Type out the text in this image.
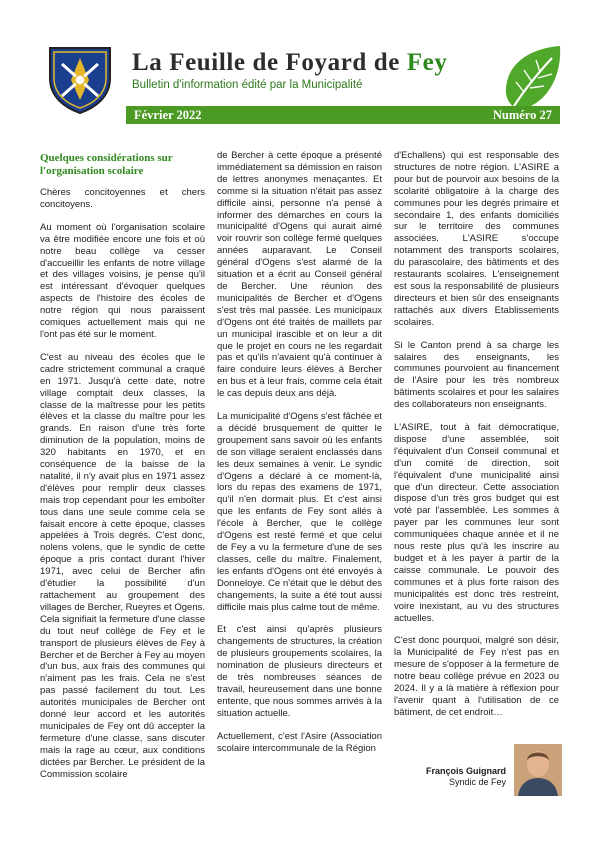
La Feuille de Foyard de Fey
Bulletin d'information édité par la Municipalité
Février 2022	Numéro 27
Quelques considérations sur l'organisation scolaire

Chères concitoyennes et chers concitoyens.

Au moment où l'organisation scolaire va être modifiée encore une fois et où notre beau collège va cesser d'accueillir les enfants de notre village et des villages voisins, je pense qu'il est intéressant d'évoquer quelques aspects de l'histoire des écoles de notre région qui nous paraissent comiques actuellement mais qui ne l'ont pas été sur le moment.

C'est au niveau des écoles que le cadre strictement communal a craqué en 1971. Jusqu'à cette date, notre village comptait deux classes, la classe de la maîtresse pour les petits élèves et la classe du maître pour les grands. En raison d'une très forte diminution de la population, moins de 320 habitants en 1970, et en conséquence de la baisse de la natalité, il n'y avait plus en 1971 assez d'élèves pour remplir deux classes mais trop cependant pour les emboîter tous dans une seule comme cela se faisait encore à cette époque, classes appelées à Trois degrés. C'est donc, nolens volens, que le syndic de cette époque a pris contact durant l'hiver 1971, avec celui de Bercher afin d'étudier la possibilité d'un rattachement au groupement des villages de Bercher, Rueyres et Ogens. Cela signifiait la fermeture d'une classe du tout neuf collège de Fey et le transport de plusieurs élèves de Fey à Bercher et de Bercher à Fey au moyen d'un bus, aux frais des communes qui n'aiment pas les frais. Cela ne s'est pas passé facilement du tout. Les autorités municipales de Bercher ont donné leur accord et les autorités municipales de Fey ont dû accepter la fermeture d'une classe, sans discuter mais la rage au cœur, aux conditions dictées par Bercher. Le président de la Commission scolaire

de Bercher à cette époque a présenté immédiatement sa démission en raison de lettres anonymes menaçantes. Et comme si la situation n'était pas assez difficile ainsi, personne n'a pensé à informer des démarches en cours la municipalité d'Ogens qui aurait aimé voir rouvrir son collège fermé quelques années auparavant. Le Conseil général d'Ogens s'est alarmé de la situation et a écrit au Conseil général de Bercher. Une réunion des municipalités de Bercher et d'Ogens s'est très mal passée. Les municipaux d'Ogens ont été traités de maillets par un municipal irascible et on leur a dit que le projet en cours ne les regardait pas et qu'ils n'avaient qu'à continuer à faire conduire leurs élèves à Bercher en bus et à leur frais, comme cela était le cas depuis deux ans déjà.

La municipalité d'Ogens s'est fâchée et a décidé brusquement de quitter le groupement sans savoir où les enfants de son village seraient enclassés dans les deux semaines à venir. Le syndic d'Ogens a déclaré à ce moment-là, lors du repas des examens de 1971, qu'il n'en dormait plus. Et c'est ainsi que les enfants de Fey sont allés à l'école à Bercher, que le collège d'Ogens est resté fermé et que celui de Fey a vu la fermeture d'une de ses classes, celle du maître. Finalement, les enfants d'Ogens ont été envoyés à Donneloye. Ce n'était que le début des changements, la suite a été tout aussi difficile mais plus calme tout de même.

Et c'est ainsi qu'après plusieurs changements de structures, la création de plusieurs groupements scolaires, la nomination de plusieurs directeurs et de très nombreuses séances de travail, heureusement dans une bonne entente, que nous sommes arrivés à la situation actuelle.

Actuellement, c'est l'Asire (Association scolaire intercommunale de la Région

d'Echallens) qui est responsable des structures de notre région. L'ASIRE a pour but de pourvoir aux besoins de la scolarité obligatoire à la charge des communes pour les degrés primaire et secondaire 1, des enfants domiciliés sur le territoire des communes associées. L'ASIRE s'occupe notamment des transports scolaires, du parascolaire, des bâtiments et des restaurants scolaires. L'enseignement est sous la responsabilité de plusieurs directeurs et bien sûr des enseignants rattachés aux divers Etablissements scolaires.

Si le Canton prend à sa charge les salaires des enseignants, les communes pourvoient au financement de l'Asire pour les très nombreux bâtiments scolaires et pour les salaires des collaborateurs non enseignants.

L'ASIRE, tout à fait démocratique, dispose d'une assemblée, soit l'équivalent d'un Conseil communal et d'un comité de direction, soit l'équivalent d'une municipalité ainsi que d'un directeur. Cette association dispose d'un très gros budget qui est voté par l'assemblée. Les sommes à payer par les communes leur sont communiquées chaque année et il ne nous reste plus qu'à les inscrire au budget et à les payer à partir de la caisse communale. Le pouvoir des communes et à plus forte raison des municipalités est donc très restreint, voire inexistant, au vu des structures actuelles.

C'est donc pourquoi, malgré son désir, la Municipalité de Fey n'est pas en mesure de s'opposer à la fermeture de notre beau collège prévue en 2023 ou 2024. Il y a là matière à réflexion pour l'avenir quant à l'utilisation de ce bâtiment, de cet endroit…

François Guignard
Syndic de Fey
